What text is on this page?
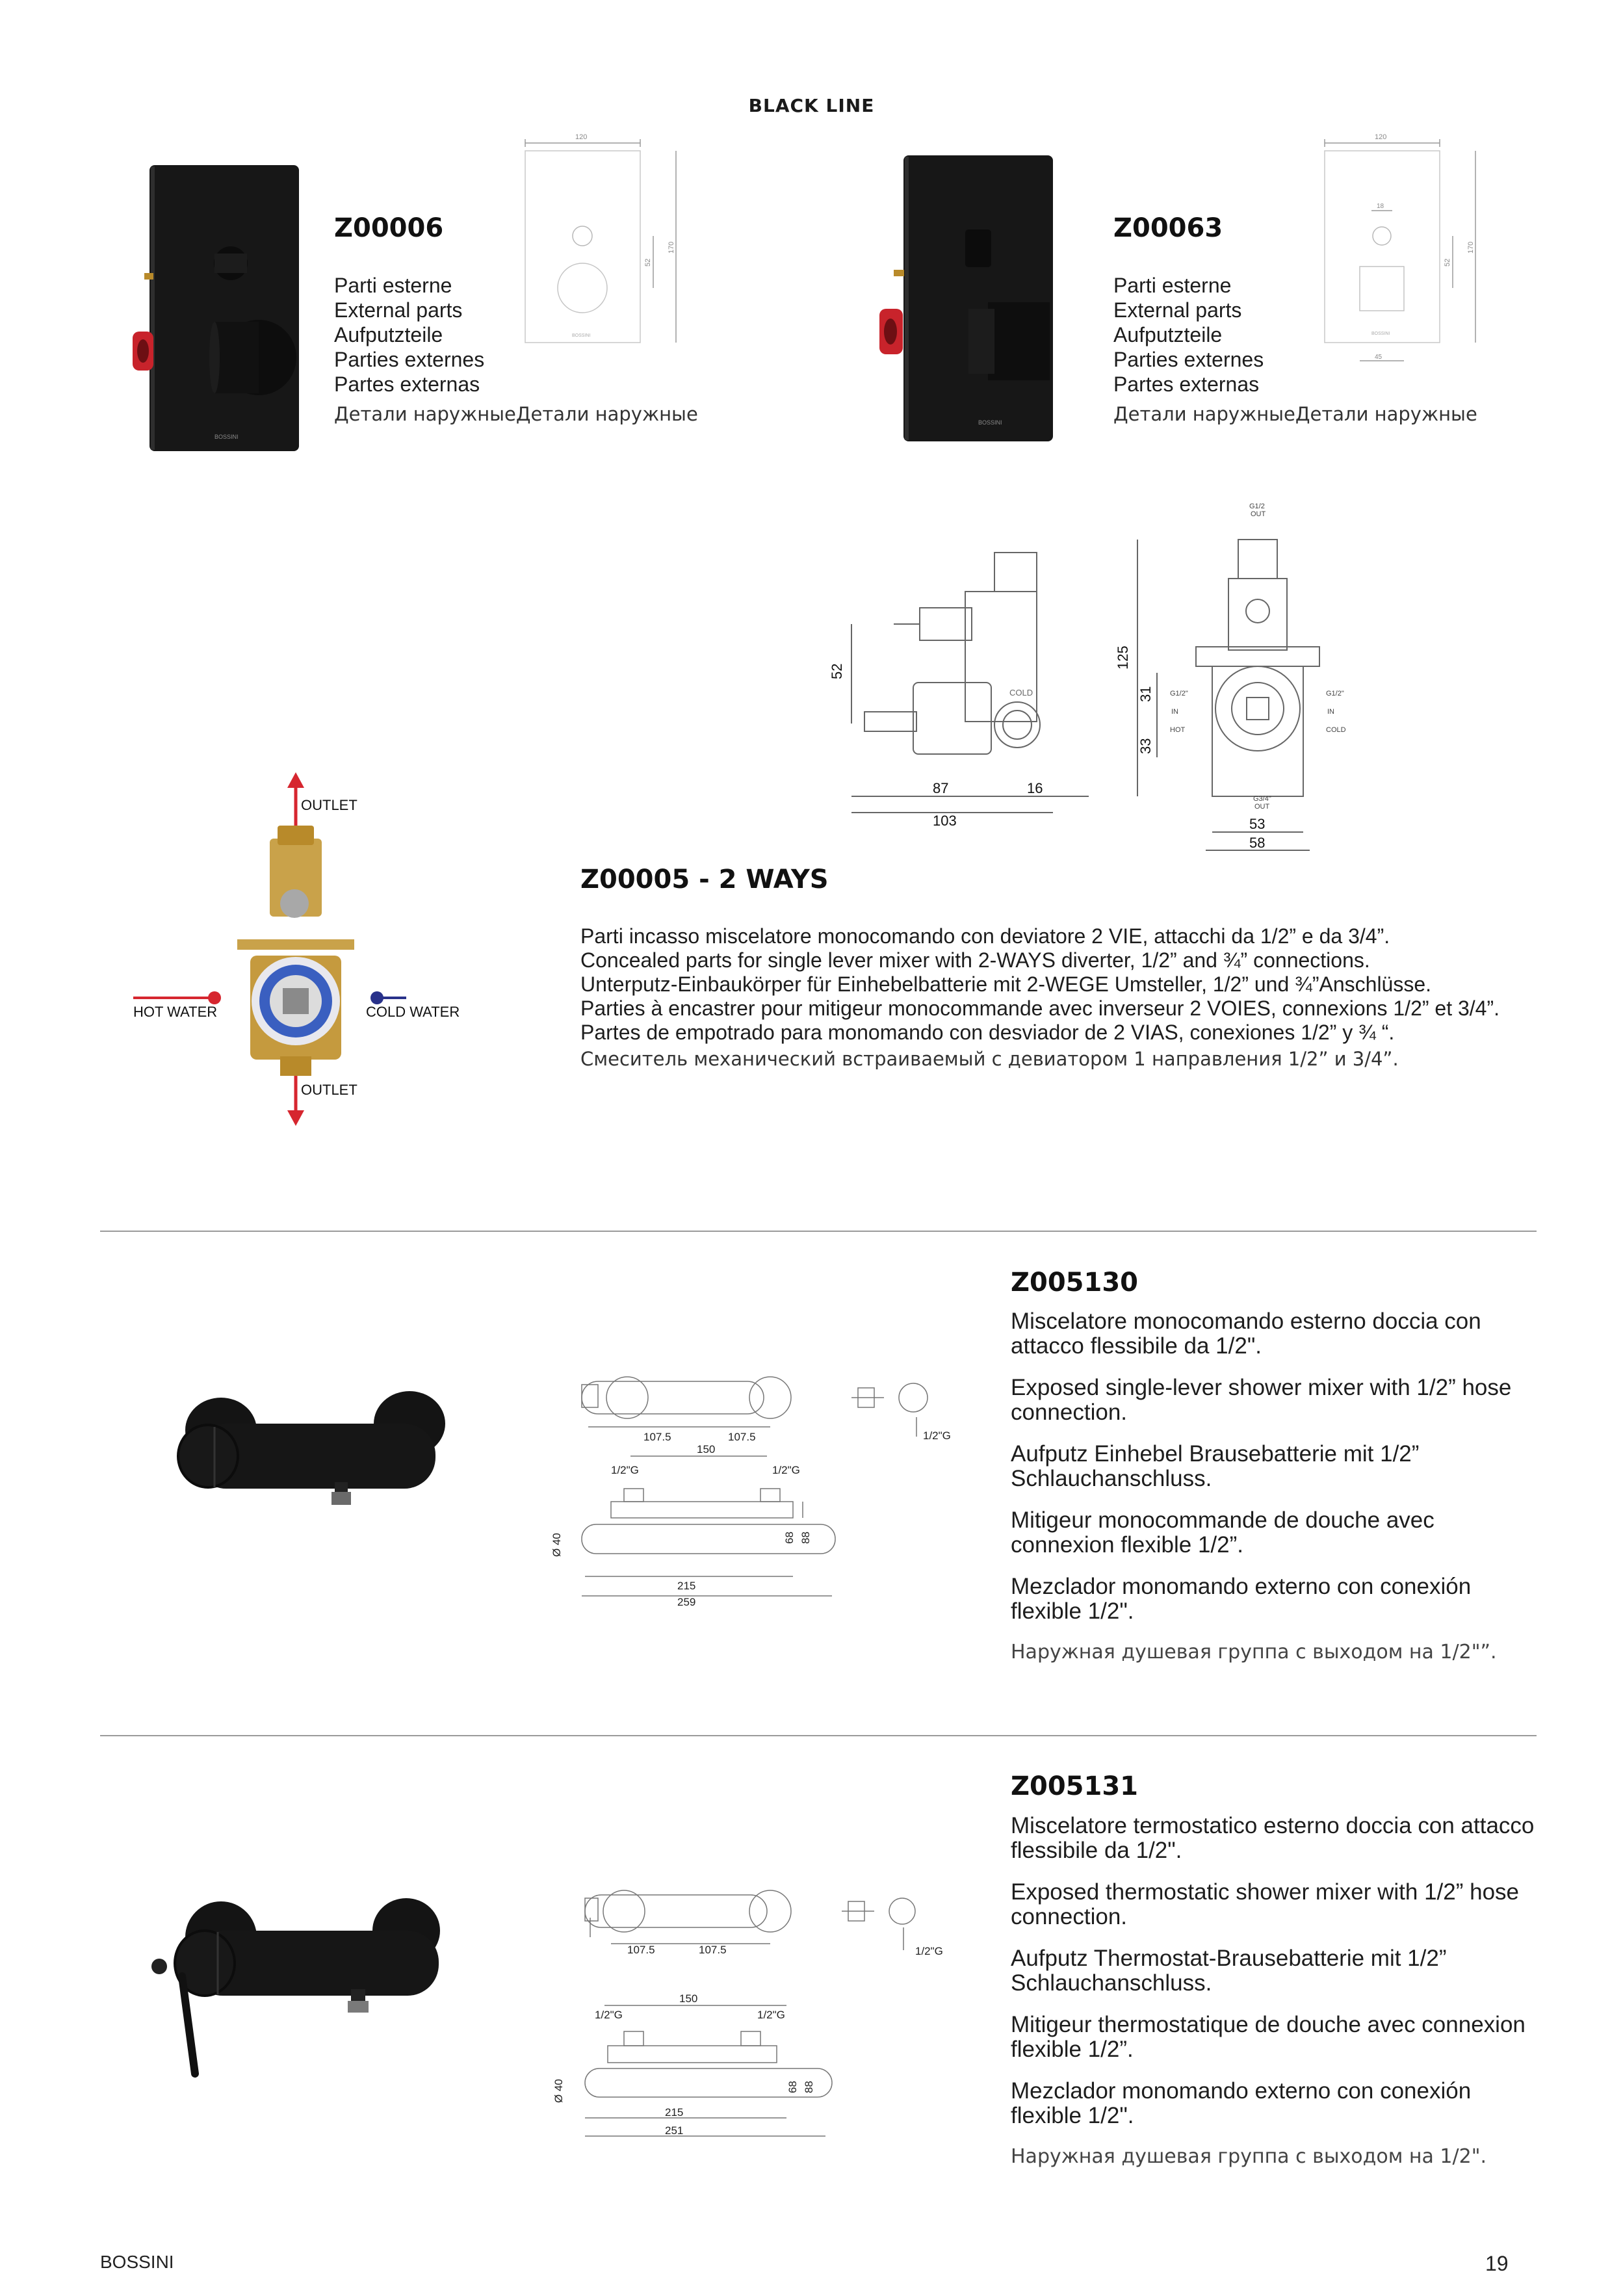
BLACK LINE
BOSSINI
Z00006
Parti esterne
External parts
Aufputzteile
Parties externes
Partes externas
Детали наружныеДетали наружные
120
52
170
BOSSINI
BOSSINI
Z00063
Parti esterne
External parts
Aufputzteile
Parties externes
Partes externas
Детали наружныеДетали наружные
120
18
52
170
BOSSINI
45
COLD
52
87	16
103
G1/2
OUT
125
31
33
G1/2"
IN
HOT
G1/2"
IN
COLD
G3/4"
OUT
53
58
OUTLET
OUTLET
HOT WATER	COLD WATER
Z00005 - 2 WAYS

Parti incasso miscelatore monocomando con deviatore 2 VIE, attacchi da 1/2” e da 3/4”.

Concealed parts for single lever mixer with 2-WAYS diverter, 1/2” and ¾” connections.

Unterputz-Einbaukörper für Einhebelbatterie mit 2-WEGE Umsteller, 1/2” und ¾”Anschlüsse.

Parties à encastrer pour mitigeur monocommande avec inverseur 2 VOIES, connexions 1/2” et 3/4”.

Partes de empotrado para monomando con desviador de 2 VIAS, conexiones 1/2” y ¾ “.

Смеситель механический встраиваемый с девиатором 1 направления 1/2” и 3/4”.

107.5	107.5	1/2"G
150
1/2"G	1/2"G
68 88
Ø 40
215
259
Z005130

Miscelatore monocomando esterno doccia con attacco flessibile da 1/2".

Exposed single-lever shower mixer with 1/2” hose connection.

Aufputz Einhebel Brausebatterie mit 1/2” Schlauchanschluss.

Mitigeur monocommande de douche avec connexion flexible 1/2”.

Mezclador monomando externo con conexión flexible 1/2".

Наружная душевая группа с выходом на 1/2"”.

107.5	107.5	1/2"G
150
1/2"G	1/2"G
68 88
Ø 40
215
251
Z005131

Miscelatore termostatico esterno doccia con attacco flessibile da 1/2".

Exposed thermostatic shower mixer with 1/2” hose connection.

Aufputz Thermostat-Brausebatterie mit 1/2” Schlauchanschluss.

Mitigeur thermostatique de douche avec connexion flexible 1/2”.

Mezclador monomando externo con conexión flexible 1/2".

Наружная душевая группа с выходом на 1/2".

BOSSINI	19
